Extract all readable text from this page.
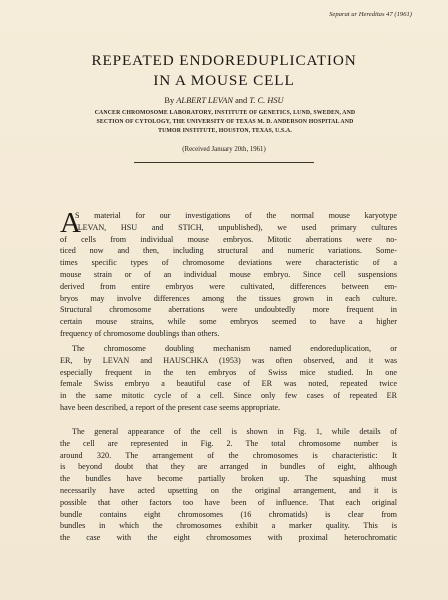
Separat ur Hereditas 47 (1961)
REPEATED ENDOREDUPLICATION
IN A MOUSE CELL
By ALBERT LEVAN and T. C. HSU
CANCER CHROMOSOME LABORATORY, INSTITUTE OF GENETICS, LUND, SWEDEN, AND
SECTION OF CYTOLOGY, THE UNIVERSITY OF TEXAS M. D. ANDERSON HOSPITAL AND
TUMOR INSTITUTE, HOUSTON, TEXAS, U.S.A.
(Received January 20th, 1961)
A
S material for our investigations of the normal mouse karyotype
(LEVAN, HSU and STICH, unpublished), we used primary cultures
of cells from individual mouse embryos. Mitotic aberrations were no-
ticed now and then, including structural and numeric variations. Some-
times specific types of chromosome deviations were characteristic of a
mouse strain or of an individual mouse embryo. Since cell suspensions
derived from entire embryos were cultivated, differences between em-
bryos may involve differences among the tissues grown in each culture.
Structural chromosome aberrations were undoubtedly more frequent in
certain mouse strains, while some embryos seemed to have a higher
frequency of chromosome doublings than others.
The chromosome doubling mechanism named endoreduplication, or
ER, by LEVAN and HAUSCHKA (1953) was often observed, and it was
especially frequent in the ten embryos of Swiss mice studied. In one
female Swiss embryo a beautiful case of ER was noted, repeated twice
in the same mitotic cycle of a cell. Since only few cases of repeated ER
have been described, a report of the present case seems appropriate.
The general appearance of the cell is shown in Fig. 1, while details of
the cell are represented in Fig. 2. The total chromosome number is
around 320. The arrangement of the chromosomes is characteristic: It
is beyond doubt that they are arranged in bundles of eight, although
the bundles have become partially broken up. The squashing must
necessarily have acted upsetting on the original arrangement, and it is
possible that other factors too have been of influence. That each original
bundle contains eight chromosomes (16 chromatids) is clear from
bundles in which the chromosomes exhibit a marker quality. This is
the case with the eight chromosomes with proximal heterochromatic
